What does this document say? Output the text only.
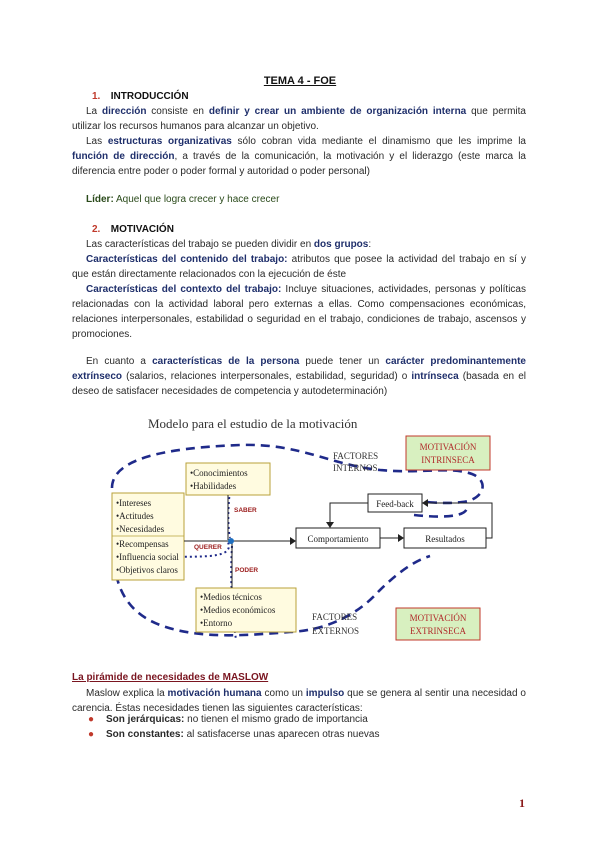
TEMA 4 - FOE
1. INTRODUCCIÓN
La dirección consiste en definir y crear un ambiente de organización interna que permita utilizar los recursos humanos para alcanzar un objetivo.
Las estructuras organizativas sólo cobran vida mediante el dinamismo que les imprime la función de dirección, a través de la comunicación, la motivación y el liderazgo (este marca la diferencia entre poder o poder formal y autoridad o poder personal)
Líder: Aquel que logra crecer y hace crecer
2. MOTIVACIÓN
Las características del trabajo se pueden dividir en dos grupos:
Características del contenido del trabajo: atributos que posee la actividad del trabajo en sí y que están directamente relacionados con la ejecución de éste
Características del contexto del trabajo: Incluye situaciones, actividades, personas y políticas relacionadas con la actividad laboral pero externas a ellas. Como compensaciones económicas, relaciones interpersonales, estabilidad o seguridad en el trabajo, condiciones de trabajo, ascensos y promociones.
En cuanto a características de la persona puede tener un carácter predominantemente extrínseco (salarios, relaciones interpersonales, estabilidad, seguridad) o intrínseca (basada en el deseo de satisfacer necesidades de competencia y autodeterminación)
Modelo para el estudio de la motivación
•Conocimientos
•Habilidades
•Intereses
•Actitudes
•Necesidades
•Recompensas
•Influencia social
•Objetivos claros
•Medios técnicos
•Medios económicos
•Entorno
SABER
QUERER
PODER
Comportamiento	Resultados
Feed-back
FACTORES
INTERNOS
FACTORES
EXTERNOS
MOTIVACIÓN
INTRINSECA
MOTIVACIÓN
EXTRINSECA
La pirámide de necesidades de MASLOW
Maslow explica la motivación humana como un impulso que se genera al sentir una necesidad o carencia. Éstas necesidades tienen las siguientes características:
●	Son jerárquicas: no tienen el mismo grado de importancia
●	Son constantes: al satisfacerse unas aparecen otras nuevas
1
